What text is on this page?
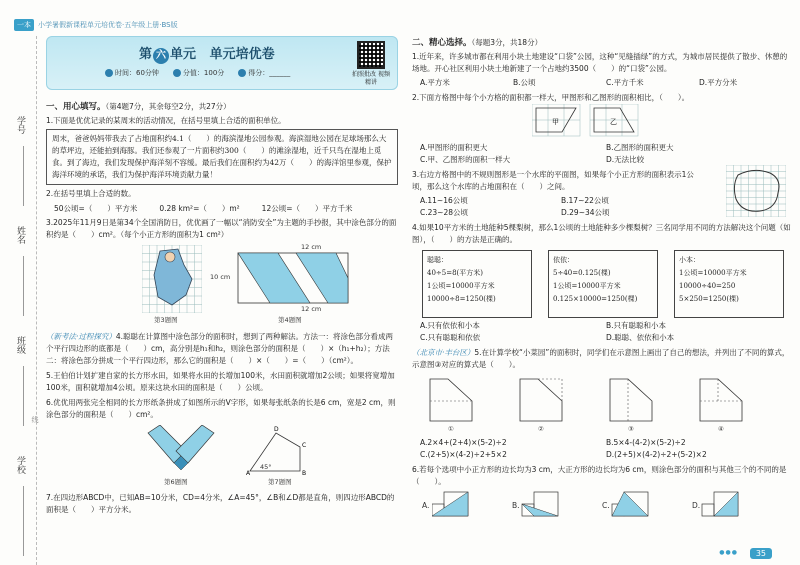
一本	小学暑假新课程单元培优卷·五年级上册·BS版
学号
姓名
班级
线
学校
第 六 单元 单元培优卷
时间：60分钟	分值：100分	得分：______	拍照批改 视频精讲
一、用心填写。（第4题7分，其余每空2分，共27分）
1.下面是优优记录的某周末的活动情况，在括号里填上合适的面积单位。
周末，爸爸妈妈带我去了占地面积约4.1（　　）的海滨湿地公园参观。海滨湿地公园在足球场那么大的草坪边，还能拍到海豚。我们还参观了一片面积约300（　　）的滩涂湿地，近千只鸟在湿地上觅食。到了海边，我们发现保护海洋刻不容缓。最后我们在面积约为42万（　　）的海洋馆里参观，保护海洋环境的承诺，我们为保护海洋环境贡献力量！
2.在括号里填上合适的数。
50公顷=（　　）平方米	0.28 km²=（　　）m²	12公顷=（　　）平方千米
3.2025年11月9日是第34个全国消防日，优优画了一幅以“消防安全”为主题的手抄报，其中涂色部分的面积约是（　　）cm²。（每个小正方形的面积为1 cm²）
第3题图
12 cm
12 cm
10 cm
第4题图
（新考法·过程探究）4.聪聪在计算图中涂色部分的面积时，想到了两种解法。方法一：将涂色部分看成两个平行四边形的底都是（　　）cm，高分别是h₁和h₂，则涂色部分的面积是（　　）×（h₁+h₂）；方法二：将涂色部分拼成一个平行四边形，那么它的面积是（　　）×（　　）=（　　）（cm²）。
5.王伯伯计划扩建自家的长方形水田，如果将水田的长增加100米，水田面积就增加2公顷；如果将宽增加100米，面积就增加4公顷。原来这块水田的面积是（　　）公顷。
6.优优用两张完全相同的长方形纸条拼成了如图所示的V字形，如果每张纸条的长是6 cm，宽是2 cm，则涂色部分的面积是（　　）cm²。
第6题图
A	B
C
D
45°
第7题图
7.在四边形ABCD中，已知AB=10分米，CD=4分米，∠A=45°，∠B和∠D都是直角，则四边形ABCD的面积是（　　）平方分米。
二、精心选择。（每题3分，共18分）
1.近年来，许多城市都在利用小块土地建设“口袋”公园，这种“见缝插绿”的方式，为城市居民提供了散步、休憩的场地。开心社区利用小块土地新建了一个占地约3500（　　）的“口袋”公园。
A.平方米	B.公顷	C.平方千米	D.平方分米
2.下面方格图中每个小方格的面积都一样大，甲图形和乙图形的面积相比，（　　）。
甲	乙
A.甲图形的面积更大	B.乙图形的面积更大
C.甲、乙图形的面积一样大	D.无法比较
3.右边方格图中的不规则图形是一个水库的平面图，如果每个小正方形的面积表示1公顷，那么这个水库的占地面积在（　　）之间。
A.11~16公顷	B.17~22公顷
C.23~28公顷	D.29~34公顷
4.如果10平方米的土地能种5棵梨树，那么1公顷的土地能种多少棵梨树？三名同学用不同的方法解决这个问题（如图），（　　）的方法是正确的。
聪聪：
40÷5=8(平方米)
1公顷=10000平方米
10000÷8=1250(棵)
依依：
5÷40=0.125(棵)
1公顷=10000平方米
0.125×10000=1250(棵)
小本：
1公顷=10000平方米
10000÷40=250
5×250=1250(棵)
A.只有依依和小本	B.只有聪聪和小本
C.只有聪聪和依依	D.聪聪、依依和小本
（北京市·丰台区）5.在计算学校“小菜园”的面积时，同学们在示意图上画出了自己的想法，并列出了不同的算式，示意图③对应的算式是（　　）。
①	②	③	④
A.2×4+(2+4)×(5-2)÷2	B.5×4-(4-2)×(5-2)÷2
C.(2+5)×(4-2)÷2+5×2	D.(2+5)×(4-2)÷2+(5-2)×2
6.若每个选项中小正方形的边长均为3 cm，大正方形的边长均为6 cm，则涂色部分的面积与其他三个的不同的是（　　）。
A.	B.	C.	D.
●●●	35
